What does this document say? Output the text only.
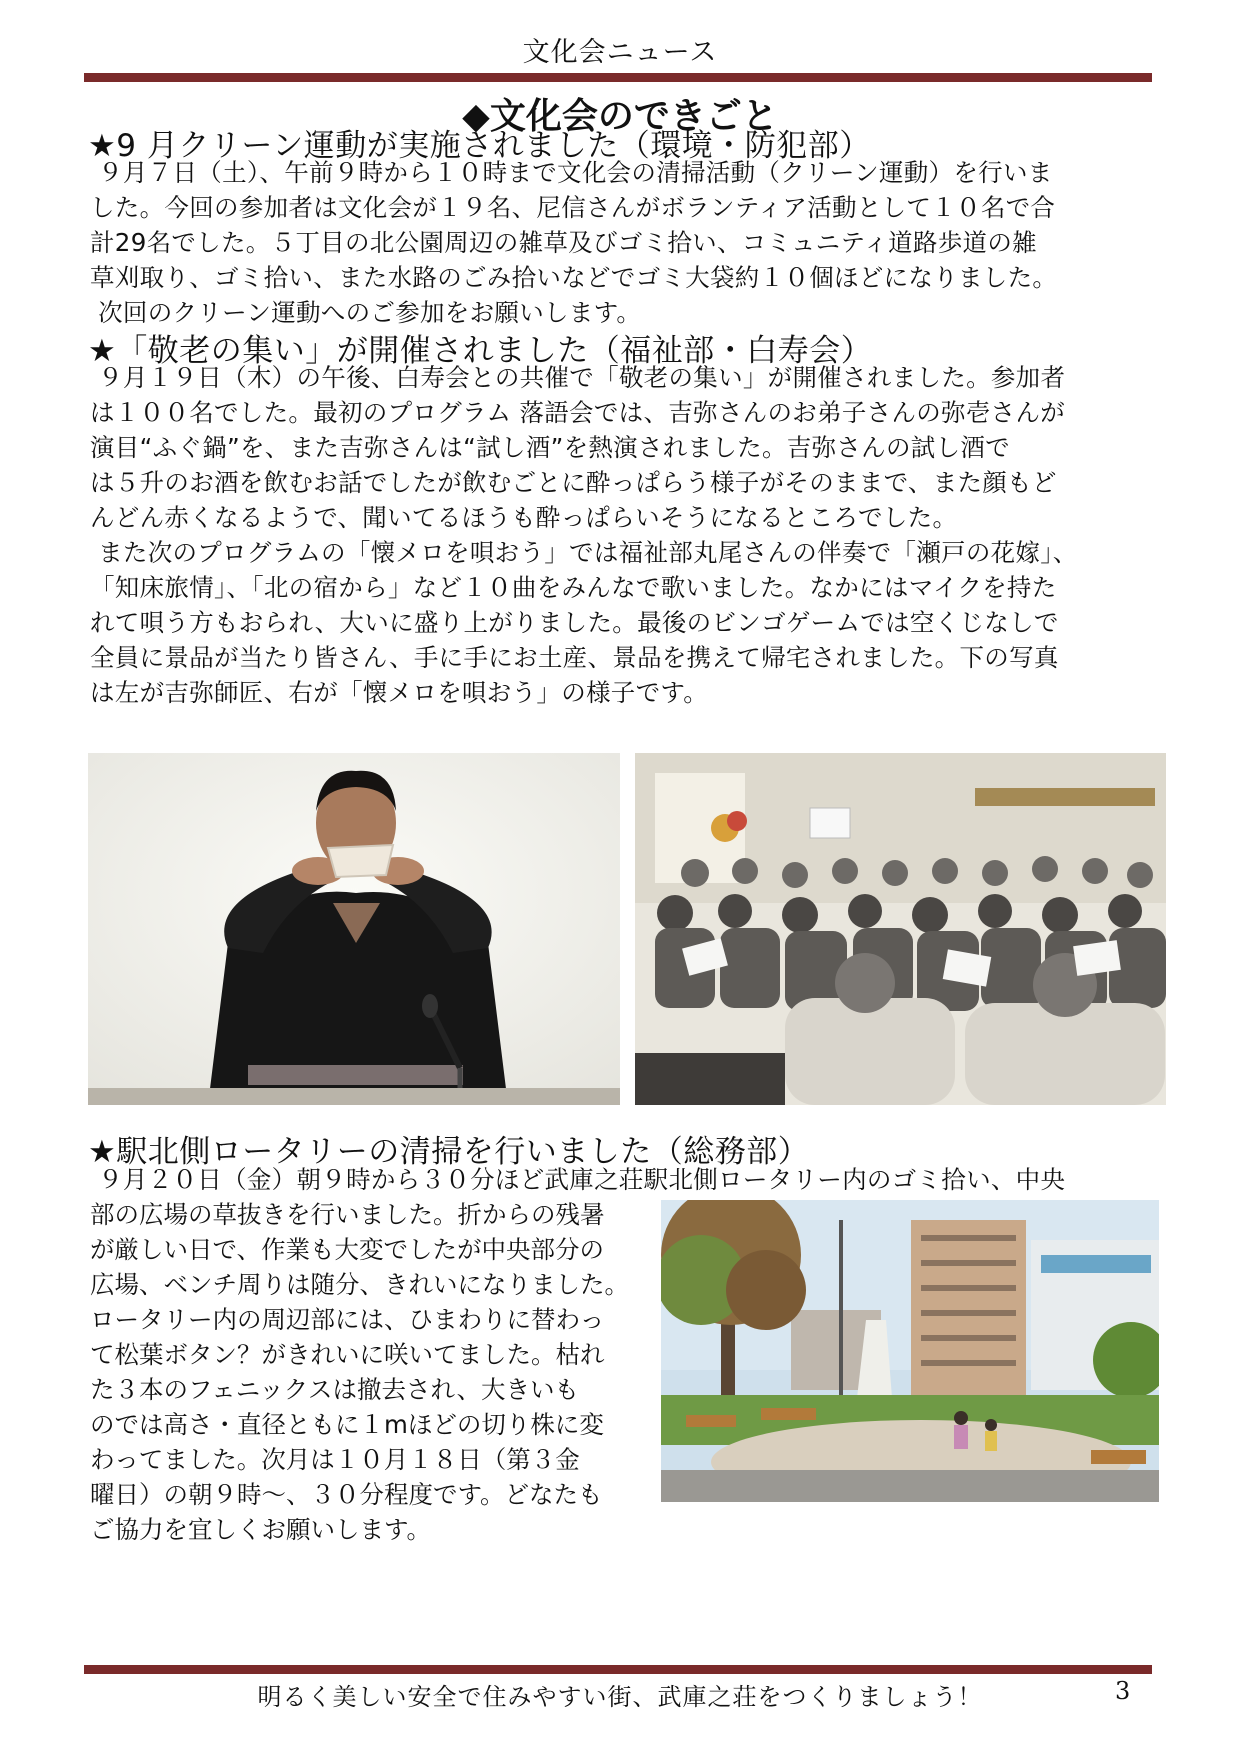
文化会ニュース
◆文化会のできごと
★9 月クリーン運動が実施されました（環境・防犯部）
９月７日（土）、午前９時から１０時まで文化会の清掃活動（クリーン運動）を行いま
した。今回の参加者は文化会が１９名、尼信さんがボランティア活動として１０名で合
計29名でした。５丁目の北公園周辺の雑草及びゴミ拾い、コミュニティ道路歩道の雑
草刈取り、ゴミ拾い、また水路のごみ拾いなどでゴミ大袋約１０個ほどになりました。
次回のクリーン運動へのご参加をお願いします。
★「敬老の集い」が開催されました（福祉部・白寿会）
９月１９日（木）の午後、白寿会との共催で「敬老の集い」が開催されました。参加者
は１００名でした。最初のプログラム 落語会では、吉弥さんのお弟子さんの弥壱さんが
演目“ふぐ鍋”を、また吉弥さんは“試し酒”を熱演されました。吉弥さんの試し酒で
は５升のお酒を飲むお話でしたが飲むごとに酔っぱらう様子がそのままで、また顔もど
んどん赤くなるようで、聞いてるほうも酔っぱらいそうになるところでした。
また次のプログラムの「懐メロを唄おう」では福祉部丸尾さんの伴奏で「瀬戸の花嫁」、
「知床旅情」、「北の宿から」など１０曲をみんなで歌いました。なかにはマイクを持た
れて唄う方もおられ、大いに盛り上がりました。最後のビンゴゲームでは空くじなしで
全員に景品が当たり皆さん、手に手にお土産、景品を携えて帰宅されました。下の写真
は左が吉弥師匠、右が「懐メロを唄おう」の様子です。
★駅北側ロータリーの清掃を行いました（総務部）
９月２０日（金）朝９時から３０分ほど武庫之荘駅北側ロータリー内のゴミ拾い、中央
部の広場の草抜きを行いました。折からの残暑
が厳しい日で、作業も大変でしたが中央部分の
広場、ベンチ周りは随分、きれいになりました。
ロータリー内の周辺部には、ひまわりに替わっ
て松葉ボタン？がきれいに咲いてました。枯れ
た３本のフェニックスは撤去され、大きいも
のでは高さ・直径ともに１mほどの切り株に変
わってました。次月は１０月１８日（第３金
曜日）の朝９時～、３０分程度です。どなたも
ご協力を宜しくお願いします。
明るく美しい安全で住みやすい街、武庫之荘をつくりましょう！	3
